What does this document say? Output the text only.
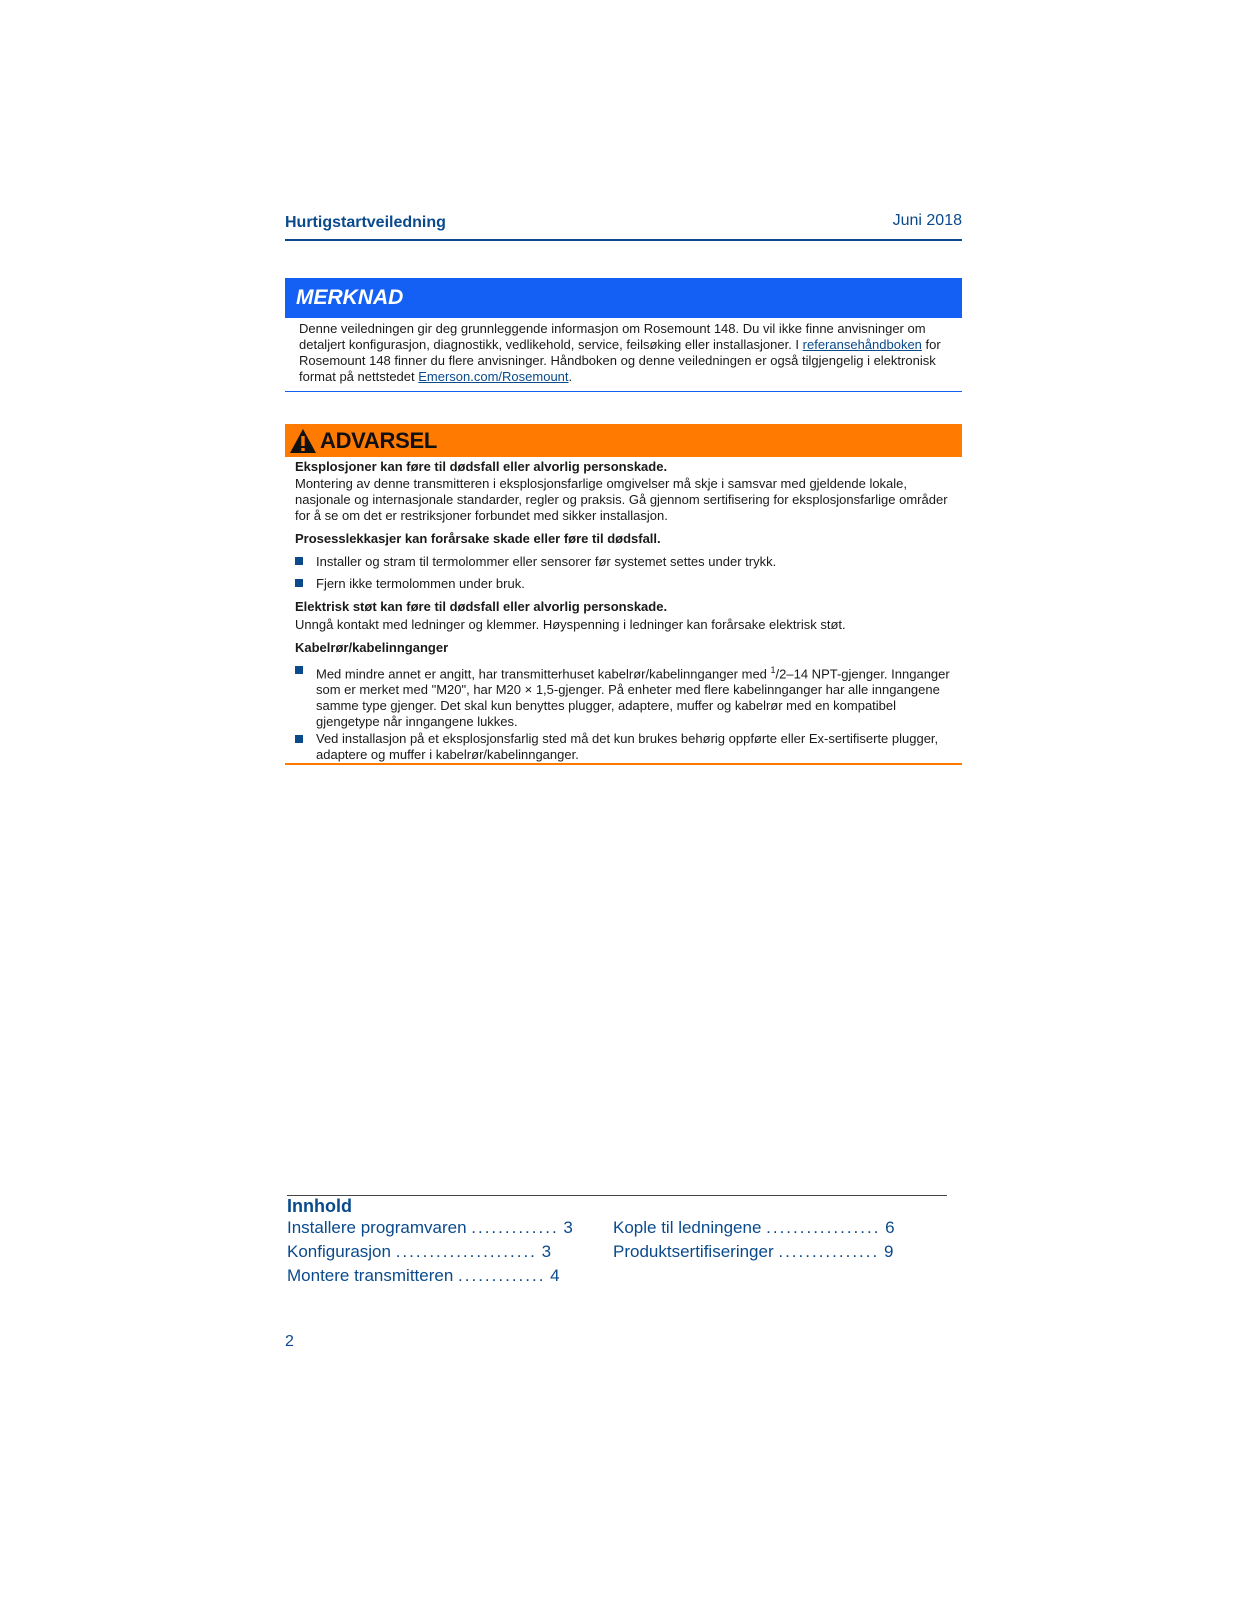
Hurtigstartveiledning	Juni 2018
MERKNAD
Denne veiledningen gir deg grunnleggende informasjon om Rosemount 148. Du vil ikke finne anvisninger om detaljert konfigurasjon, diagnostikk, vedlikehold, service, feilsøking eller installasjoner. I referansehåndboken for Rosemount 148 finner du flere anvisninger. Håndboken og denne veiledningen er også tilgjengelig i elektronisk format på nettstedet Emerson.com/Rosemount.
ADVARSEL
Eksplosjoner kan føre til dødsfall eller alvorlig personskade.
Montering av denne transmitteren i eksplosjonsfarlige omgivelser må skje i samsvar med gjeldende lokale, nasjonale og internasjonale standarder, regler og praksis. Gå gjennom sertifisering for eksplosjonsfarlige områder for å se om det er restriksjoner forbundet med sikker installasjon.
Prosesslekkasjer kan forårsake skade eller føre til dødsfall.
Installer og stram til termolommer eller sensorer før systemet settes under trykk.
Fjern ikke termolommen under bruk.
Elektrisk støt kan føre til dødsfall eller alvorlig personskade.
Unngå kontakt med ledninger og klemmer. Høyspenning i ledninger kan forårsake elektrisk støt.
Kabelrør/kabelinnganger
Med mindre annet er angitt, har transmitterhuset kabelrør/kabelinnganger med $^1$/2–14 NPT-gjenger. Innganger som er merket med "M20", har M20 × 1,5-gjenger. På enheter med flere kabelinnganger har alle inngangene samme type gjenger. Det skal kun benyttes plugger, adaptere, muffer og kabelrør med en kompatibel gjengetype når inngangene lukkes.
Ved installasjon på et eksplosjonsfarlig sted må det kun brukes behørig oppførte eller Ex-sertifiserte plugger, adaptere og muffer i kabelrør/kabelinnganger.
Innhold
Installere programvaren ............. 3
Konfigurasjon ..................... 3
Montere transmitteren ............. 4
Kople til ledningene ................. 6
Produktsertifiseringer ............... 9
2
